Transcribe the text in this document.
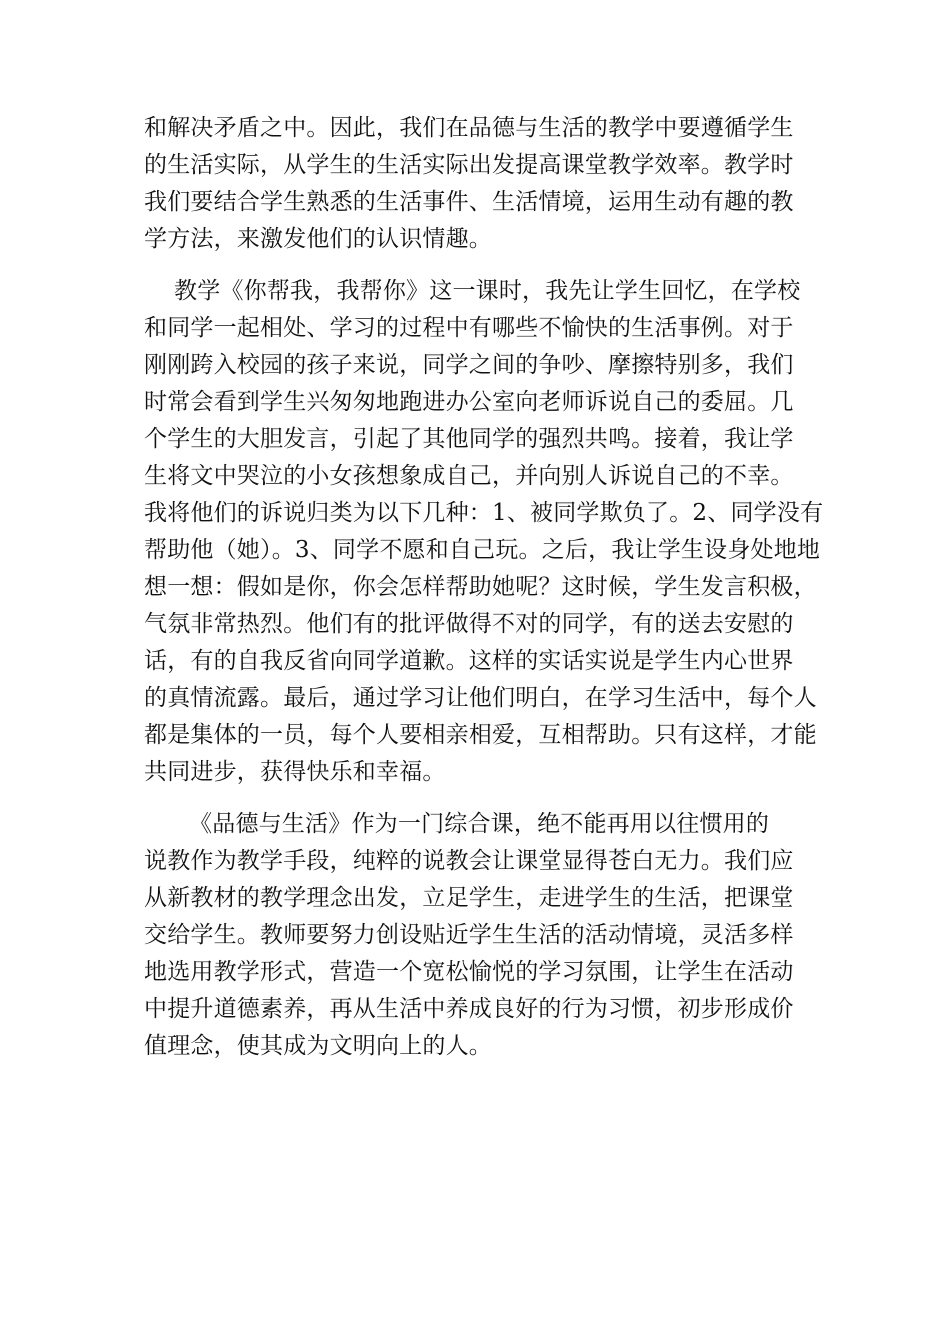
和解决矛盾之中。因此，我们在品德与生活的教学中要遵循学生
的生活实际，从学生的生活实际出发提高课堂教学效率。教学时
我们要结合学生熟悉的生活事件、生活情境，运用生动有趣的教
学方法，来激发他们的认识情趣。
教学《你帮我，我帮你》这一课时，我先让学生回忆，在学校
和同学一起相处、学习的过程中有哪些不愉快的生活事例。对于
刚刚跨入校园的孩子来说，同学之间的争吵、摩擦特别多，我们
时常会看到学生兴匆匆地跑进办公室向老师诉说自己的委屈。几
个学生的大胆发言，引起了其他同学的强烈共鸣。接着，我让学
生将文中哭泣的小女孩想象成自己，并向别人诉说自己的不幸。
我将他们的诉说归类为以下几种：1、被同学欺负了。2、同学没有
帮助他（她）。3、同学不愿和自己玩。之后，我让学生设身处地地
想一想：假如是你，你会怎样帮助她呢？这时候，学生发言积极，
气氛非常热烈。他们有的批评做得不对的同学，有的送去安慰的
话，有的自我反省向同学道歉。这样的实话实说是学生内心世界
的真情流露。最后，通过学习让他们明白，在学习生活中，每个人
都是集体的一员，每个人要相亲相爱，互相帮助。只有这样，才能
共同进步，获得快乐和幸福。
《品德与生活》作为一门综合课，绝不能再用以往惯用的
说教作为教学手段，纯粹的说教会让课堂显得苍白无力。我们应
从新教材的教学理念出发，立足学生，走进学生的生活，把课堂
交给学生。教师要努力创设贴近学生生活的活动情境，灵活多样
地选用教学形式，营造一个宽松愉悦的学习氛围，让学生在活动
中提升道德素养，再从生活中养成良好的行为习惯，初步形成价
值理念，使其成为文明向上的人。
